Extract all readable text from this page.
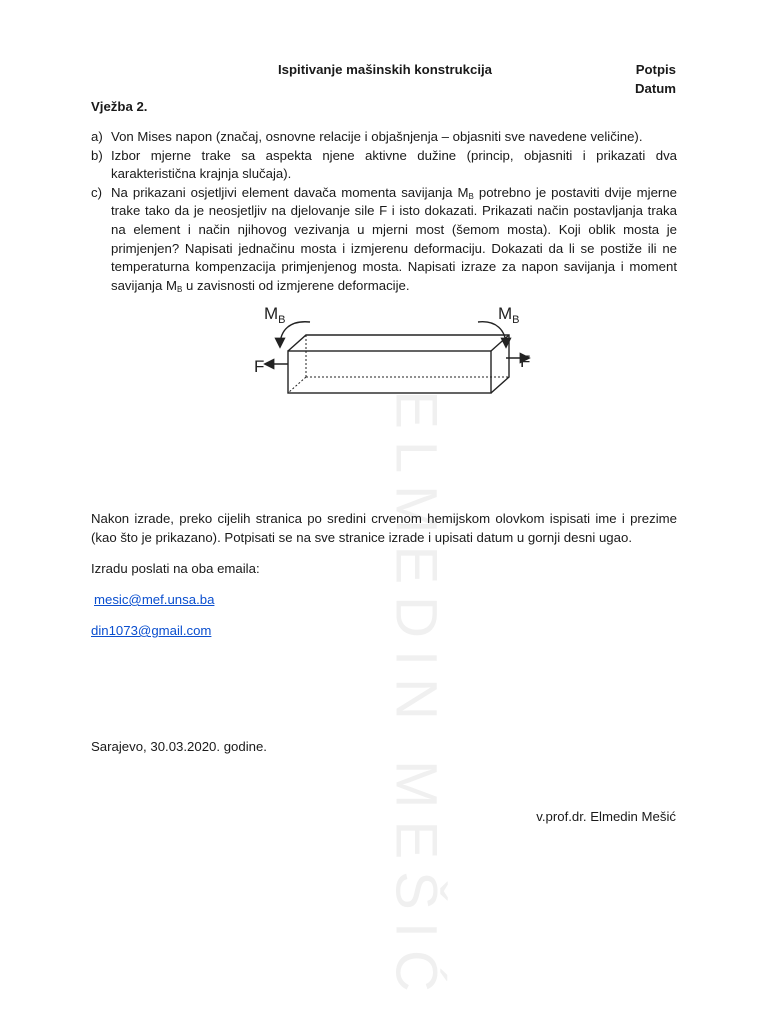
Ispitivanje mašinskih konstrukcija	Potpis
Datum
Vježba 2.
a) Von Mises napon (značaj, osnovne relacije i objašnjenja – objasniti sve navedene veličine).
b) Izbor mjerne trake sa aspekta njene aktivne dužine (princip, objasniti i prikazati dva karakteristična krajnja slučaja).
c) Na prikazani osjetljivi element davača momenta savijanja $M_B$ potrebno je postaviti dvije mjerne trake tako da je neosjetljiv na djelovanje sile F i isto dokazati. Prikazati način postavljanja traka na element i način njihovog vezivanja u mjerni most (šemom mosta). Koji oblik mosta je primjenjen? Napisati jednačinu mosta i izmjerenu deformaciju. Dokazati da li se postiže ili ne temperaturna kompenzacija primjenjenog mosta. Napisati izraze za napon savijanja i moment savijanja $M_B$ u zavisnosti od izmjerene deformacije.
$M_B$	$M_B$
F	F
ELMEDIN MEŠIĆ
Nakon izrade, preko cijelih stranica po sredini crvenom hemijskom olovkom ispisati ime i prezime (kao što je prikazano). Potpisati se na sve stranice izrade i upisati datum u gornji desni ugao.
Izradu poslati na oba emaila:
mesic@mef.unsa.ba
din1073@gmail.com
Sarajevo, 30.03.2020. godine.
v.prof.dr. Elmedin Mešić
